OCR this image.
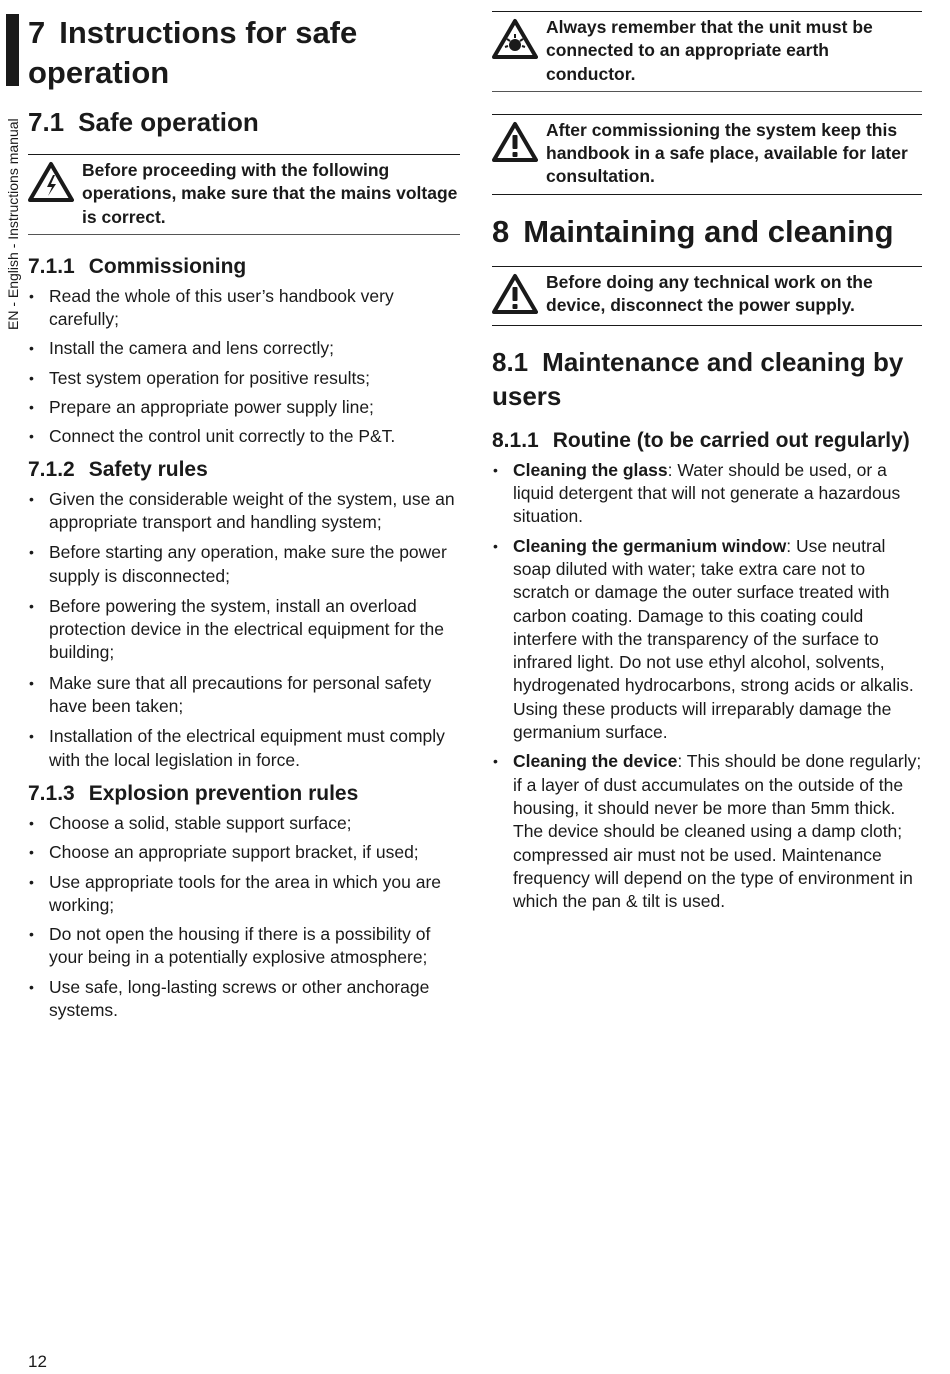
EN - English - Instructions manual
7 Instructions for safe operation
7.1 Safe operation
Before proceeding with the following operations, make sure that the mains voltage is correct.
7.1.1 Commissioning
• Read the whole of this user’s handbook very carefully;
• Install the camera and lens correctly;
• Test system operation for positive results;
• Prepare an appropriate power supply line;
• Connect the control unit correctly to the P&T.
7.1.2 Safety rules
• Given the considerable weight of the system, use an appropriate transport and handling system;
• Before starting any operation, make sure the power supply is disconnected;
• Before powering the system, install an overload protection device in the electrical equipment for the building;
• Make sure that all precautions for personal safety have been taken;
• Installation of the electrical equipment must comply with the local legislation in force.
7.1.3 Explosion prevention rules
• Choose a solid, stable support surface;
• Choose an appropriate support bracket, if used;
• Use appropriate tools for the area in which you are working;
• Do not open the housing if there is a possibility of your being in a potentially explosive atmosphere;
• Use safe, long-lasting screws or other anchorage systems.
Always remember that the unit must be connected to an appropriate earth conductor.
After commissioning the system keep this handbook in a safe place, available for later consultation.
8 Maintaining and cleaning
Before doing any technical work on the device, disconnect the power supply.
8.1 Maintenance and cleaning by users
8.1.1 Routine (to be carried out regularly)
• Cleaning the glass: Water should be used, or a liquid detergent that will not generate a hazardous situation.
• Cleaning the germanium window: Use neutral soap diluted with water; take extra care not to scratch or damage the outer surface treated with carbon coating. Damage to this coating could interfere with the transparency of the surface to infrared light. Do not use ethyl alcohol, solvents, hydrogenated hydrocarbons, strong acids or alkalis. Using these products will irreparably damage the germanium surface.
• Cleaning the device: This should be done regularly; if a layer of dust accumulates on the outside of the housing, it should never be more than 5mm thick. The device should be cleaned using a damp cloth; compressed air must not be used. Maintenance frequency will depend on the type of environment in which the pan & tilt is used.
12
